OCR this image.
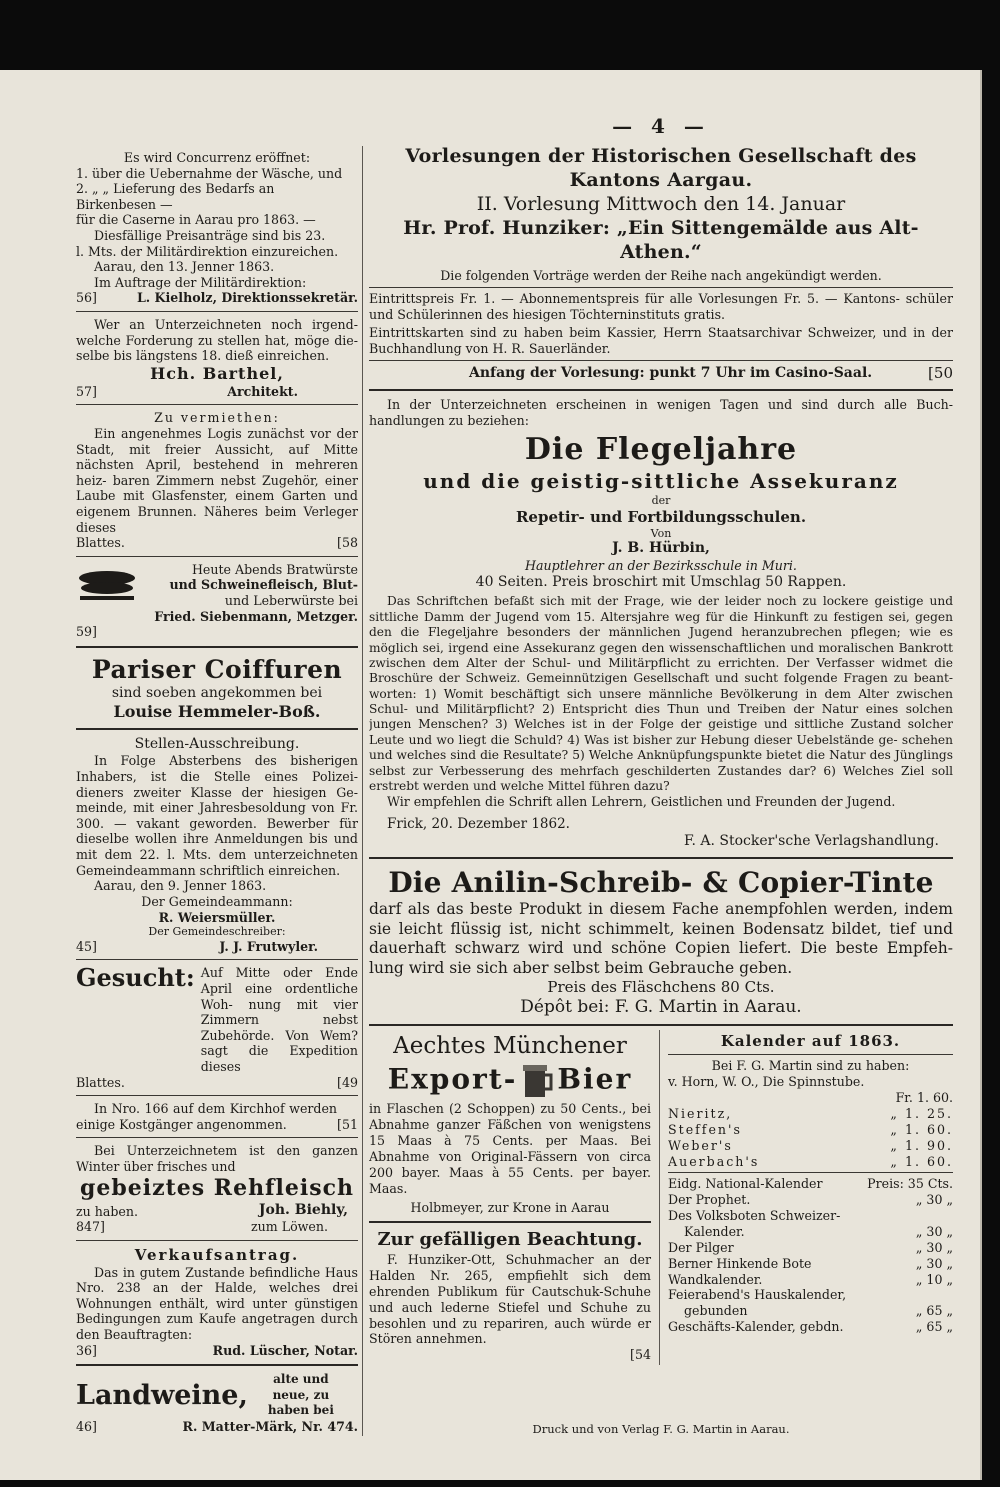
Es wird Concurrenz eröffnet:
1. über die Uebernahme der Wäsche, und
2. „ „ Lieferung des Bedarfs an
Birkenbesen —
für die Caserne in Aarau pro 1863. —
Diesfällige Preisanträge sind bis 23.
l. Mts. der Militärdirektion einzureichen.
Aarau, den 13. Jenner 1863.
Im Auftrage der Militärdirektion:
56]	L. Kielholz, Direktionssekretär.
Wer an Unterzeichneten noch irgend- welche Forderung zu stellen hat, möge die- selbe bis längstens 18. dieß einreichen.
Hch. Barthel,
57]	Architekt.
Zu vermiethen:
Ein angenehmes Logis zunächst vor der Stadt, mit freier Aussicht, auf Mitte nächsten April, bestehend in mehreren heiz- baren Zimmern nebst Zugehör, einer Laube mit Glasfenster, einem Garten und eigenem Brunnen. Näheres beim Verleger dieses
Blattes.	[58
Heute Abends Bratwürste
und Schweinefleisch, Blut-
und Leberwürste bei
Fried. Siebenmann, Metzger.
59]
Pariser Coiffuren
sind soeben angekommen bei
Louise Hemmeler-Boß.
Stellen-Ausschreibung.
In Folge Absterbens des bisherigen Inhabers, ist die Stelle eines Polizei- dieners zweiter Klasse der hiesigen Ge- meinde, mit einer Jahresbesoldung von Fr. 300. — vakant geworden. Bewerber für dieselbe wollen ihre Anmeldungen bis und mit dem 22. l. Mts. dem unterzeichneten Gemeindeammann schriftlich einreichen.
Aarau, den 9. Jenner 1863.
Der Gemeindeammann:
R. Weiersmüller.
Der Gemeindeschreiber:
45]	J. J. Frutwyler.
Gesucht: Auf Mitte oder Ende April eine ordentliche Woh- nung mit vier Zimmern nebst Zubehörde. Von Wem? sagt die Expedition dieses
Blattes.	[49
In Nro. 166 auf dem Kirchhof werden einige Kostgänger angenommen.	[51
Bei Unterzeichnetem ist den ganzen Winter über frisches und
gebeiztes Rehfleisch
zu haben.	Joh. Biehly,
847]	zum Löwen.
Verkaufsantrag.
Das in gutem Zustande befindliche Haus Nro. 238 an der Halde, welches drei Wohnungen enthält, wird unter günstigen Bedingungen zum Kaufe angetragen durch den Beauftragten:
36]	Rud. Lüscher, Notar.
Landweine,
alte und neue, zu haben bei
46]	R. Matter-Märk, Nr. 474.
— 4 —
Vorlesungen der Historischen Gesellschaft des Kantons Aargau.
II. Vorlesung Mittwoch den 14. Januar
Hr. Prof. Hunziker: „Ein Sittengemälde aus Alt-Athen.“
Die folgenden Vorträge werden der Reihe nach angekündigt werden.
Eintrittspreis Fr. 1. — Abonnementspreis für alle Vorlesungen Fr. 5. — Kantons- schüler und Schülerinnen des hiesigen Töchterninstituts gratis.
Eintrittskarten sind zu haben beim Kassier, Herrn Staatsarchivar Schweizer, und in der Buchhandlung von H. R. Sauerländer.
Anfang der Vorlesung: punkt 7 Uhr im Casino-Saal.	[50
In der Unterzeichneten erscheinen in wenigen Tagen und sind durch alle Buch- handlungen zu beziehen:
Die Flegeljahre
und die geistig-sittliche Assekuranz
der
Repetir- und Fortbildungsschulen.
Von
J. B. Hürbin,
Hauptlehrer an der Bezirksschule in Muri.
40 Seiten. Preis broschirt mit Umschlag 50 Rappen.
Das Schriftchen befaßt sich mit der Frage, wie der leider noch zu lockere geistige und sittliche Damm der Jugend vom 15. Altersjahre weg für die Hinkunft zu festigen sei, gegen den die Flegeljahre besonders der männlichen Jugend heranzubrechen pflegen; wie es möglich sei, irgend eine Assekuranz gegen den wissenschaftlichen und moralischen Bankrott zwischen dem Alter der Schul- und Militärpflicht zu errichten. Der Verfasser widmet die Broschüre der Schweiz. Gemeinnützigen Gesellschaft und sucht folgende Fragen zu beant- worten: 1) Womit beschäftigt sich unsere männliche Bevölkerung in dem Alter zwischen Schul- und Militärpflicht? 2) Entspricht dies Thun und Treiben der Natur eines solchen jungen Menschen? 3) Welches ist in der Folge der geistige und sittliche Zustand solcher Leute und wo liegt die Schuld? 4) Was ist bisher zur Hebung dieser Uebelstände ge- schehen und welches sind die Resultate? 5) Welche Anknüpfungspunkte bietet die Natur des Jünglings selbst zur Verbesserung des mehrfach geschilderten Zustandes dar? 6) Welches Ziel soll erstrebt werden und welche Mittel führen dazu?
Wir empfehlen die Schrift allen Lehrern, Geistlichen und Freunden der Jugend.
Frick, 20. Dezember 1862.
F. A. Stocker'sche Verlagshandlung.
Die Anilin-Schreib- & Copier-Tinte
darf als das beste Produkt in diesem Fache anempfohlen werden, indem sie leicht flüssig ist, nicht schimmelt, keinen Bodensatz bildet, tief und dauerhaft schwarz wird und schöne Copien liefert. Die beste Empfeh- lung wird sie sich aber selbst beim Gebrauche geben.
Preis des Fläschchens 80 Cts.
Dépôt bei: F. G. Martin in Aarau.
Aechtes Münchener
Export- Bier
in Flaschen (2 Schoppen) zu 50 Cents., bei Abnahme ganzer Fäßchen von wenigstens 15 Maas à 75 Cents. per Maas. Bei Abnahme von Original-Fässern von circa 200 bayer. Maas à 55 Cents. per bayer. Maas.
Holbmeyer, zur Krone in Aarau
Zur gefälligen Beachtung.
F. Hunziker-Ott, Schuhmacher an der Halden Nr. 265, empfiehlt sich dem ehrenden Publikum für Cautschuk-Schuhe und auch lederne Stiefel und Schuhe zu besohlen und zu repariren, auch würde er Stören annehmen.
[54
Kalender auf 1863.
Bei F. G. Martin sind zu haben:
v. Horn, W. O., Die Spinnstube.
Fr. 1. 60.
Nieritz,	„ 1. 25.
Steffen's	„ 1. 60.
Weber's	„ 1. 90.
Auerbach's	„ 1. 60.
Eidg. National-Kalender	Preis: 35 Cts.
Der Prophet.	„ 30 „
Des Volksboten Schweizer-
Kalender.	„ 30 „
Der Pilger	„ 30 „
Berner Hinkende Bote	„ 30 „
Wandkalender.	„ 10 „
Feierabend's Hauskalender,
gebunden	„ 65 „
Geschäfts-Kalender, gebdn.	„ 65 „
Druck und von Verlag F. G. Martin in Aarau.
